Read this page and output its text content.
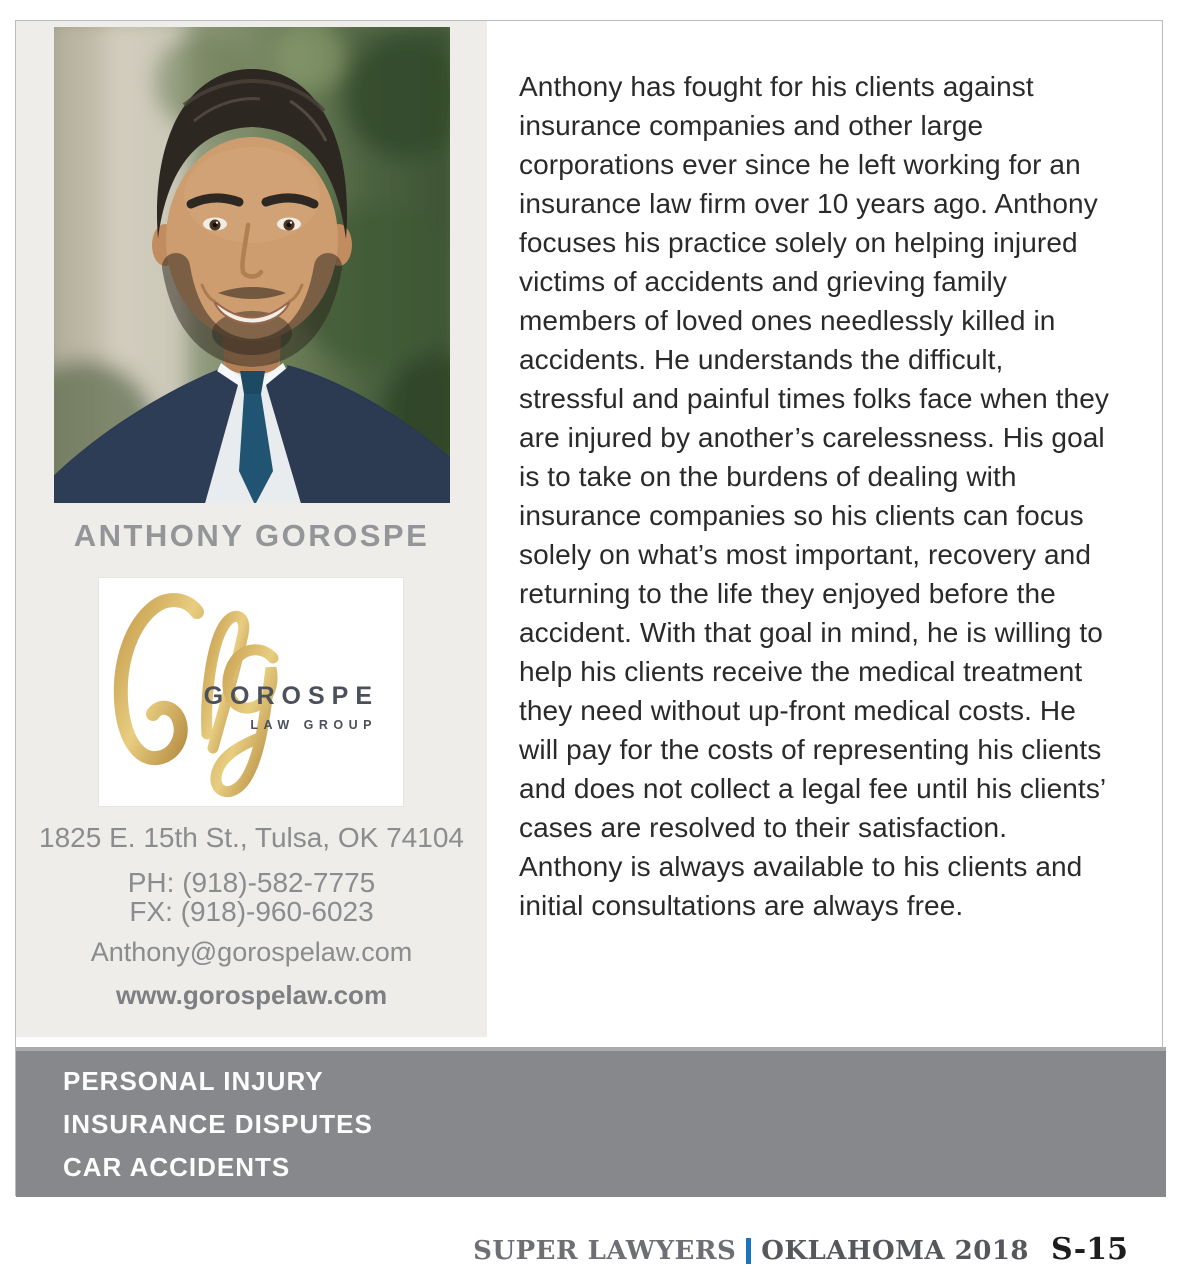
ANTHONY GOROSPE
GOROSPE
LAW GROUP
1825 E. 15th St., Tulsa, OK 74104
PH: (918)-582-7775
FX: (918)-960-6023
Anthony@gorospelaw.com
www.gorospelaw.com

Anthony has fought for his clients against insurance companies and other large corporations ever since he left working for an insurance law firm over 10 years ago. Anthony focuses his practice solely on helping injured victims of accidents and grieving family members of loved ones needlessly killed in accidents. He understands the difficult, stressful and painful times folks face when they are injured by another’s carelessness. His goal is to take on the burdens of dealing with insurance companies so his clients can focus solely on what’s most important, recovery and returning to the life they enjoyed before the accident. With that goal in mind, he is willing to help his clients receive the medical treatment they need without up-front medical costs. He will pay for the costs of representing his clients and does not collect a legal fee until his clients’ cases are resolved to their satisfaction. Anthony is always available to his clients and initial consultations are always free.

PERSONAL INJURY
INSURANCE DISPUTES
CAR ACCIDENTS
SUPER LAWYERS OKLAHOMA 2018 S-15
